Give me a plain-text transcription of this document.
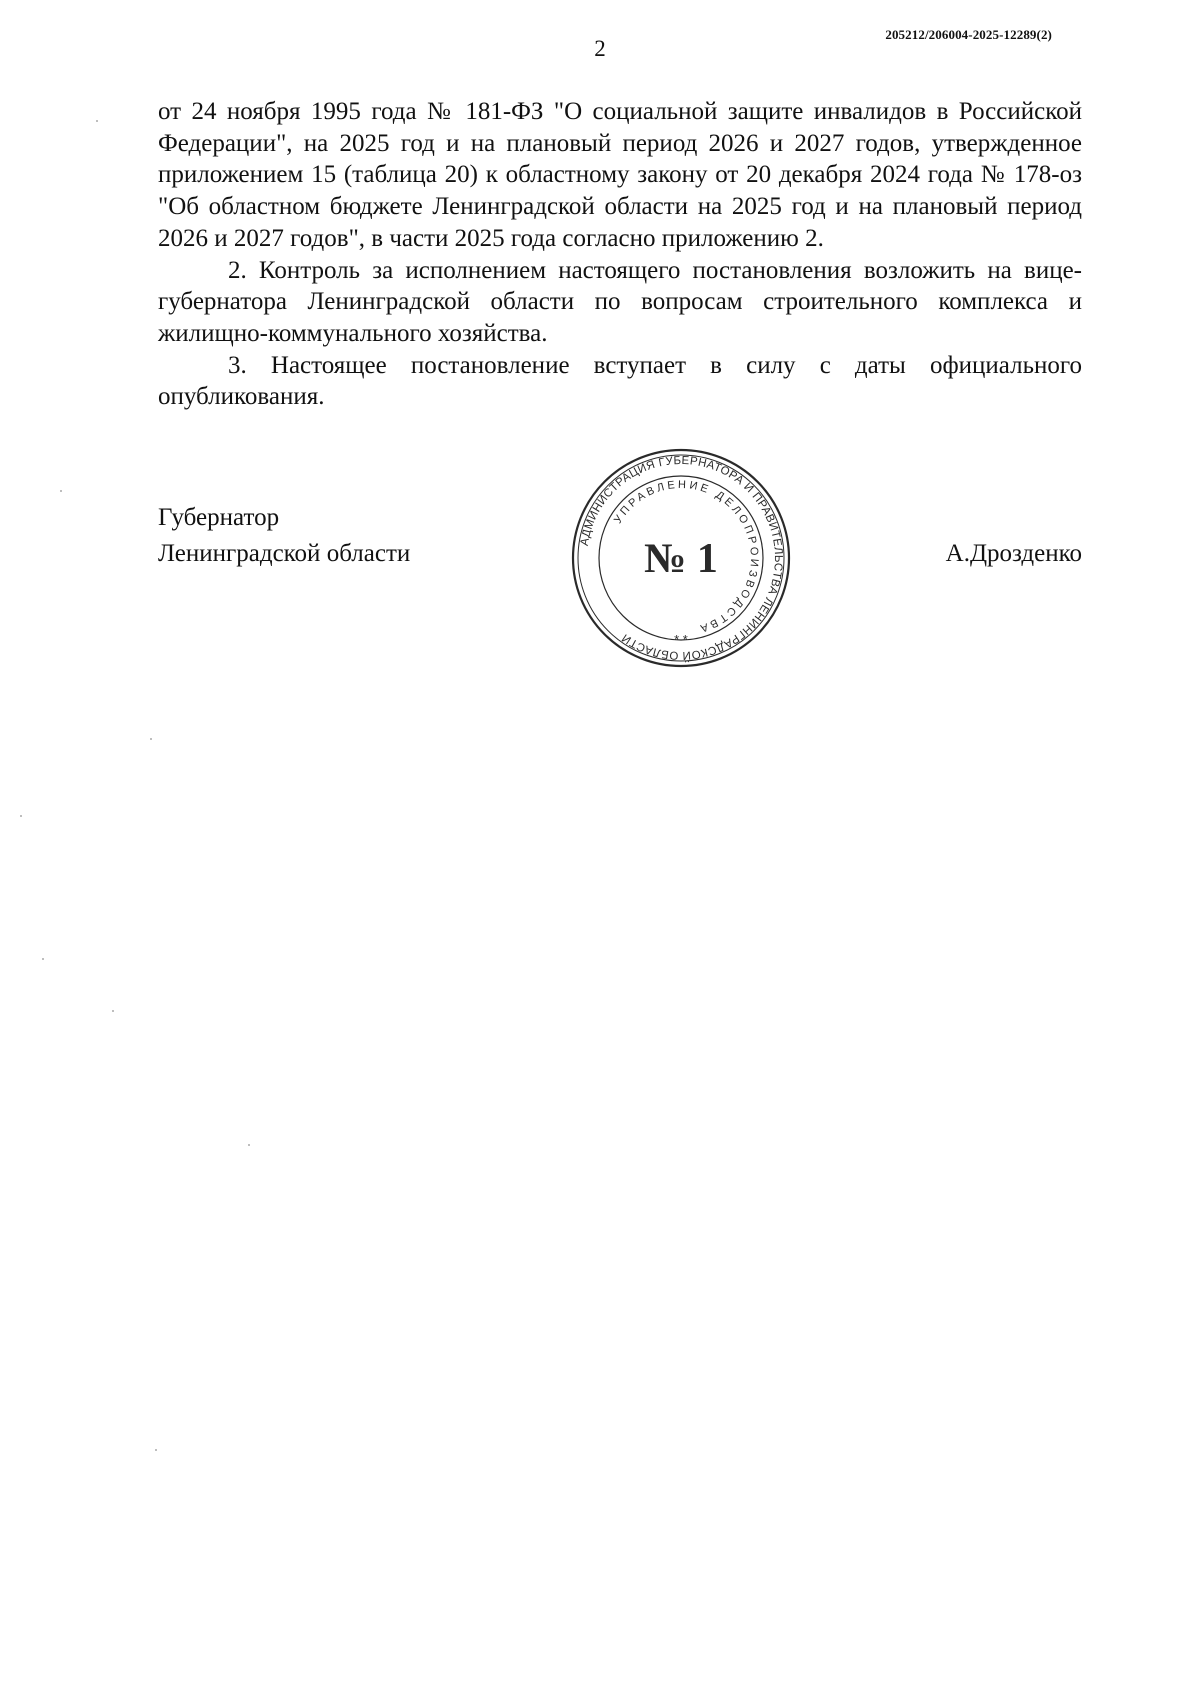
205212/206004-2025-12289(2)
2

от 24 ноября 1995 года № 181-ФЗ "О социальной защите инвалидов в Российской Федерации", на 2025 год и на плановый период 2026 и 2027 годов, утвержденное приложением 15 (таблица 20) к областному закону от 20 декабря 2024 года № 178-оз "Об областном бюджете Ленинградской области на 2025 год и на плановый период 2026 и 2027 годов", в части 2025 года согласно приложению 2.

2. Контроль за исполнением настоящего постановления возложить на вице-губернатора Ленинградской области по вопросам строительного комплекса и жилищно-коммунального хозяйства.

3. Настоящее постановление вступает в силу с даты официального опубликования.

Губернатор
Ленинградской области	А.Дрозденко
АДМИНИСТРАЦИЯ ГУБЕРНАТОРА И ПРАВИТЕЛЬСТВА ЛЕНИНГРАДСКОЙ ОБЛАСТИ
УПРАВЛЕНИЕ ДЕЛОПРОИЗВОДСТВА
№ 1
* *
